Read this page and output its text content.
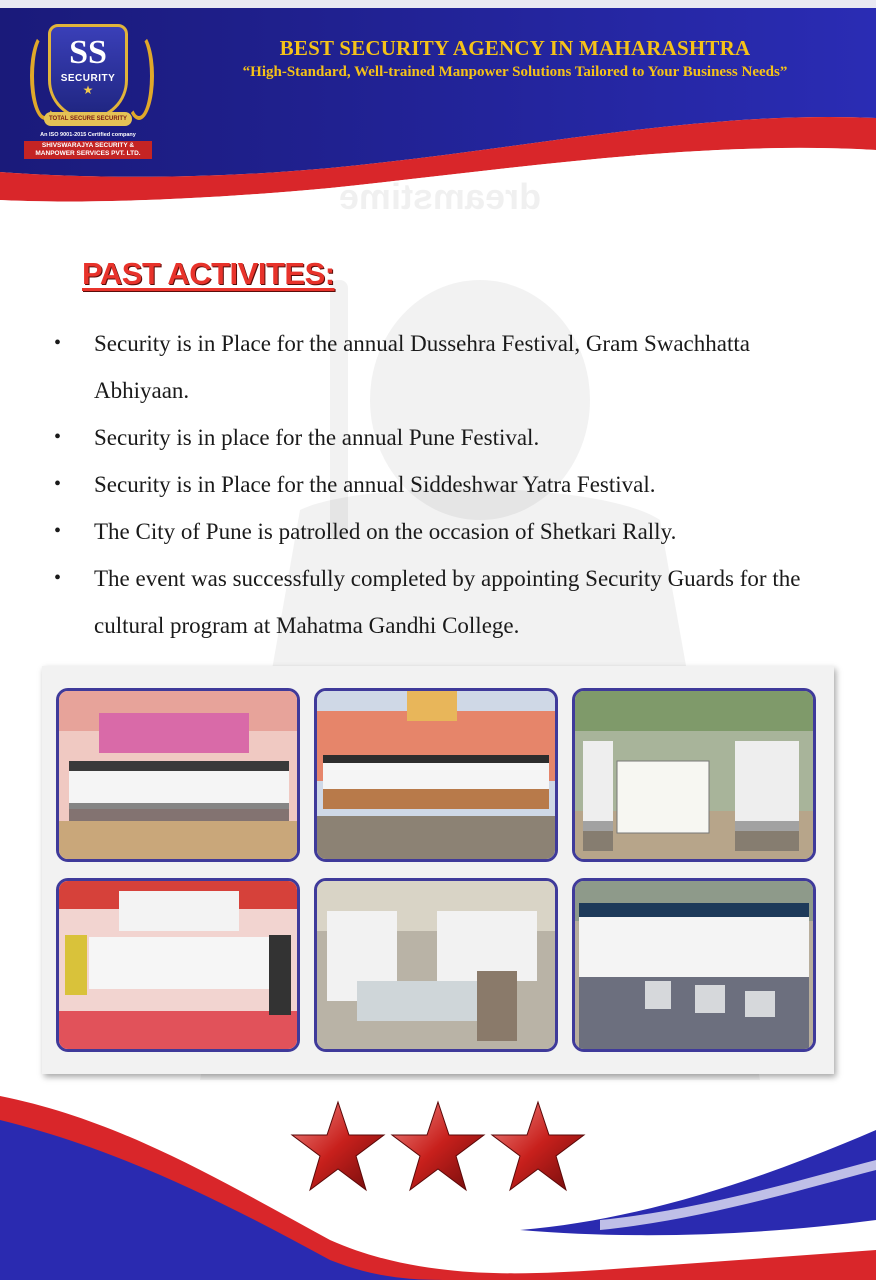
SS
SECURITY
★
TOTAL SECURE SECURITY
An ISO 9001-2015 Certified company
SHIVSWARAJYA SECURITY &
MANPOWER SERVICES PVT. LTD.
BEST SECURITY AGENCY IN MAHARASHTRA
“High-Standard, Well-trained Manpower Solutions Tailored to Your Business Needs”
dreamstime
PAST ACTIVITES:
• Security is in Place for the annual Dussehra Festival, Gram Swachhatta Abhiyaan.
• Security is in place for the annual Pune Festival.
• Security is in Place for the annual Siddeshwar Yatra Festival.
• The City of Pune is patrolled on the occasion of Shetkari Rally.
• The event was successfully completed by appointing Security Guards for the cultural program at Mahatma Gandhi College.
